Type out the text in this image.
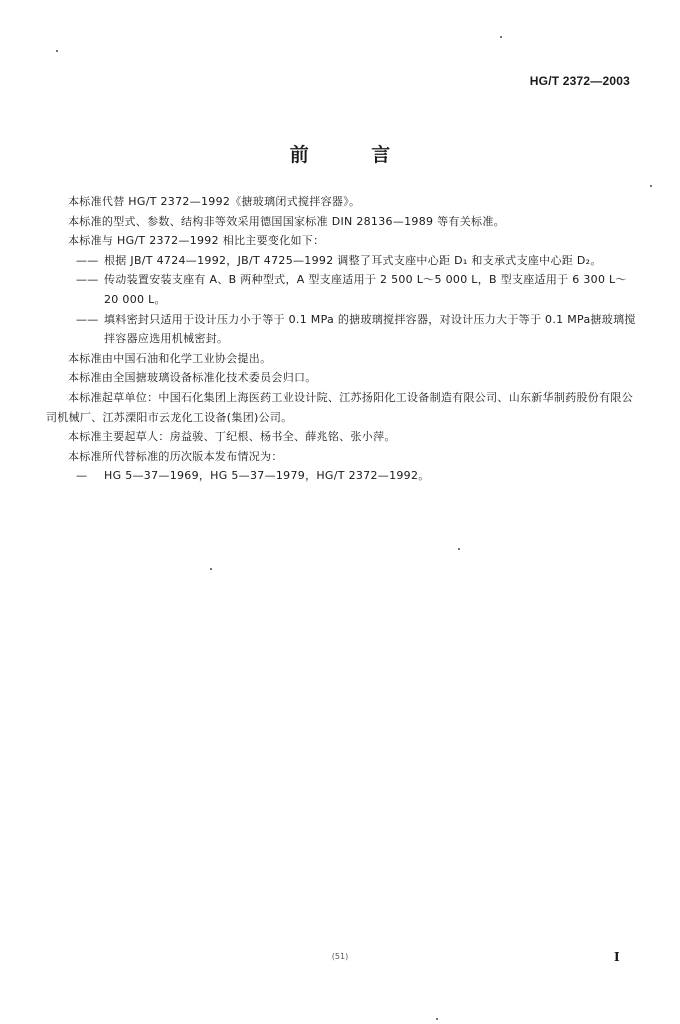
HG/T 2372—2003
前 言

本标准代替 HG/T 2372—1992《搪玻璃闭式搅拌容器》。

本标准的型式、参数、结构非等效采用德国国家标准 DIN 28136—1989 等有关标准。

本标准与 HG/T 2372—1992 相比主要变化如下：

—— 根据 JB/T 4724—1992，JB/T 4725—1992 调整了耳式支座中心距 D₁ 和支承式支座中心距 D₂。

—— 传动装置安装支座有 A、B 两种型式，A 型支座适用于 2 500 L～5 000 L，B 型支座适用于 6 300 L～20 000 L。

—— 填料密封只适用于设计压力小于等于 0.1 MPa 的搪玻璃搅拌容器，对设计压力大于等于 0.1 MPa搪玻璃搅拌容器应选用机械密封。

本标准由中国石油和化学工业协会提出。

本标准由全国搪玻璃设备标准化技术委员会归口。

本标准起草单位：中国石化集团上海医药工业设计院、江苏扬阳化工设备制造有限公司、山东新华制药股份有限公司机械厂、江苏溧阳市云龙化工设备(集团)公司。

本标准主要起草人：房益骏、丁纪根、杨书全、薛兆铭、张小萍。

本标准所代替标准的历次版本发布情况为：

— HG 5—37—1969，HG 5—37—1979，HG/T 2372—1992。

(51)	I
